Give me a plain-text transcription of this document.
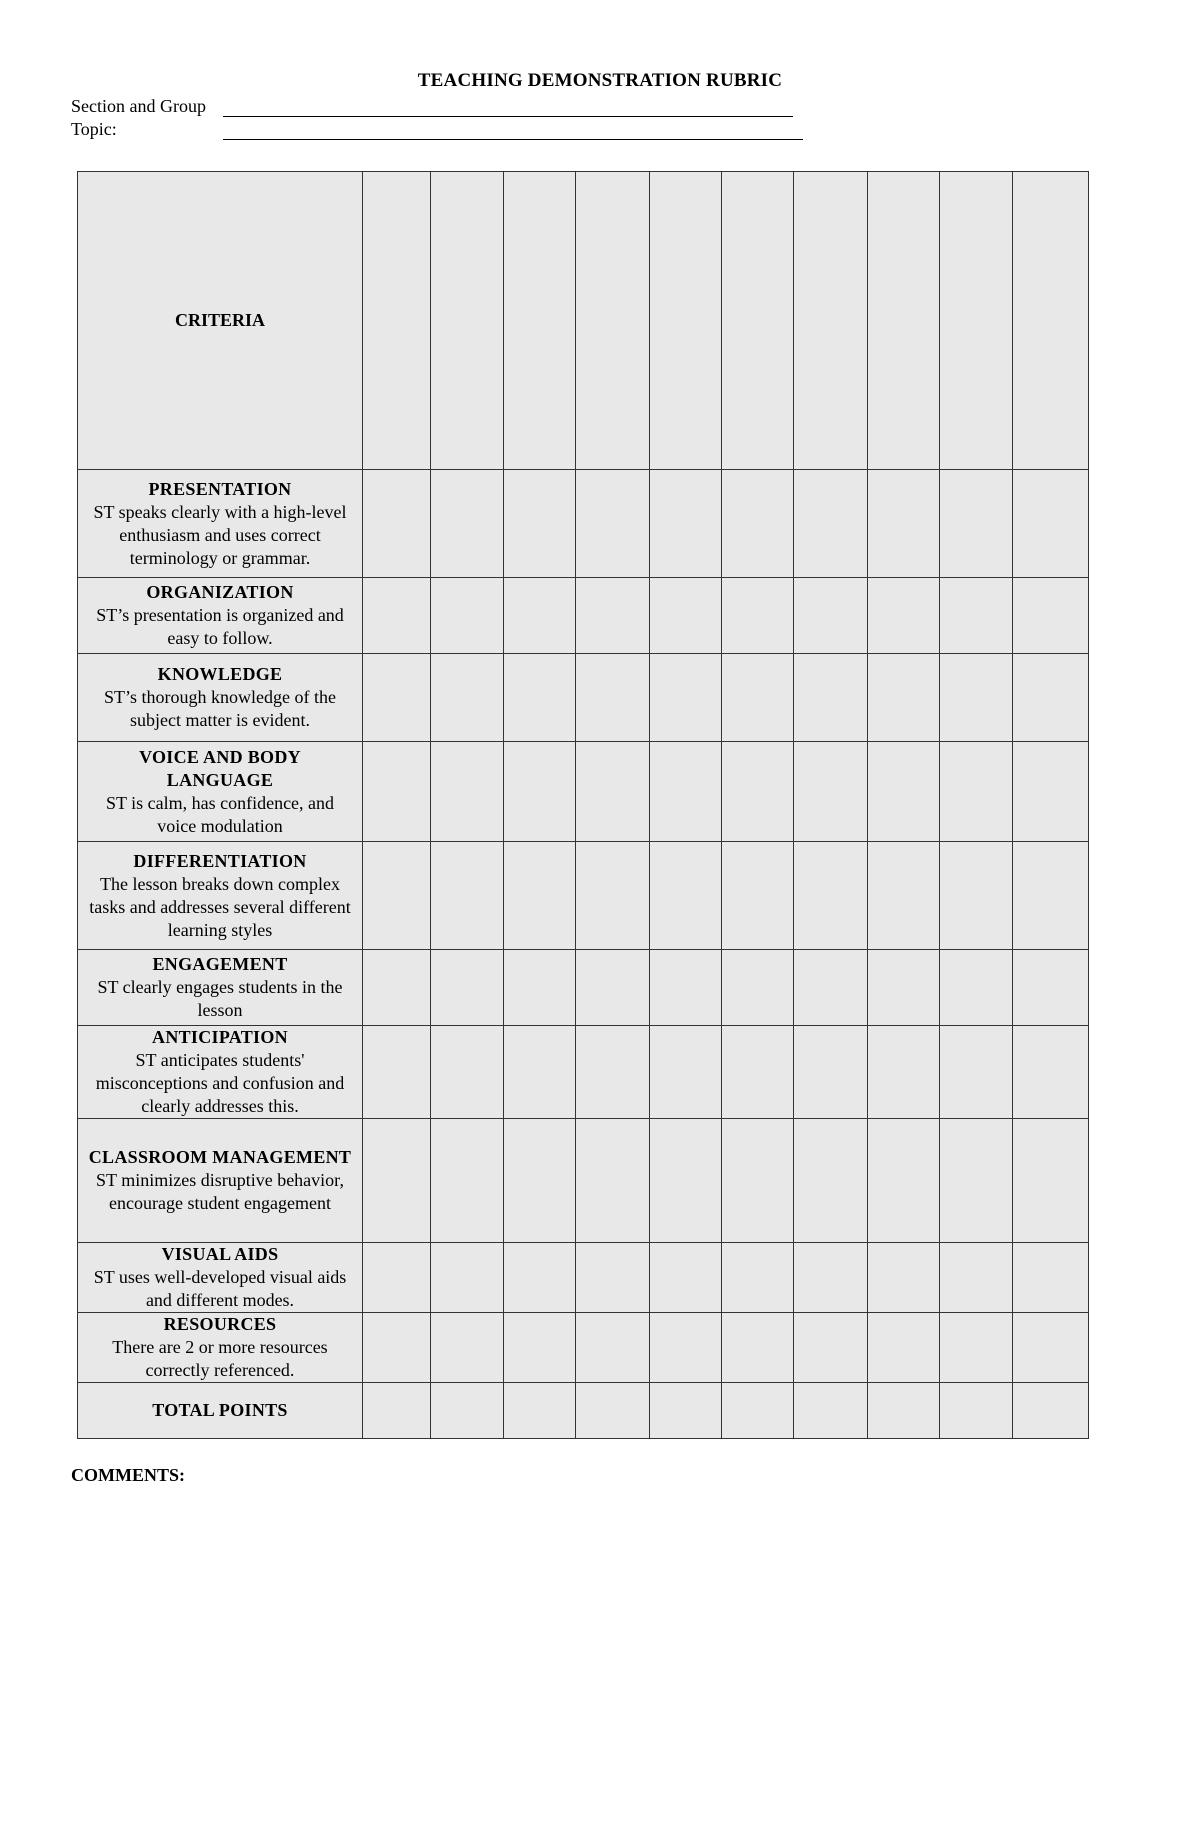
TEACHING DEMONSTRATION RUBRIC
Section and Group
Topic:
CRITERIA										

PRESENTATION
ST speaks clearly with a high-level enthusiasm and uses correct terminology or grammar.										

ORGANIZATION
ST’s presentation is organized and easy to follow.										

KNOWLEDGE
ST’s thorough knowledge of the subject matter is evident.										

VOICE AND BODY LANGUAGE
ST is calm, has confidence, and voice modulation										

DIFFERENTIATION
The lesson breaks down complex tasks and addresses several different learning styles										

ENGAGEMENT
ST clearly engages students in the lesson										

ANTICIPATION
ST anticipates students' misconceptions and confusion and clearly addresses this.										

CLASSROOM MANAGEMENT
ST minimizes disruptive behavior, encourage student engagement										

VISUAL AIDS
ST uses well-developed visual aids and different modes.										

RESOURCES
There are 2 or more resources correctly referenced.										

TOTAL POINTS										

COMMENTS:
